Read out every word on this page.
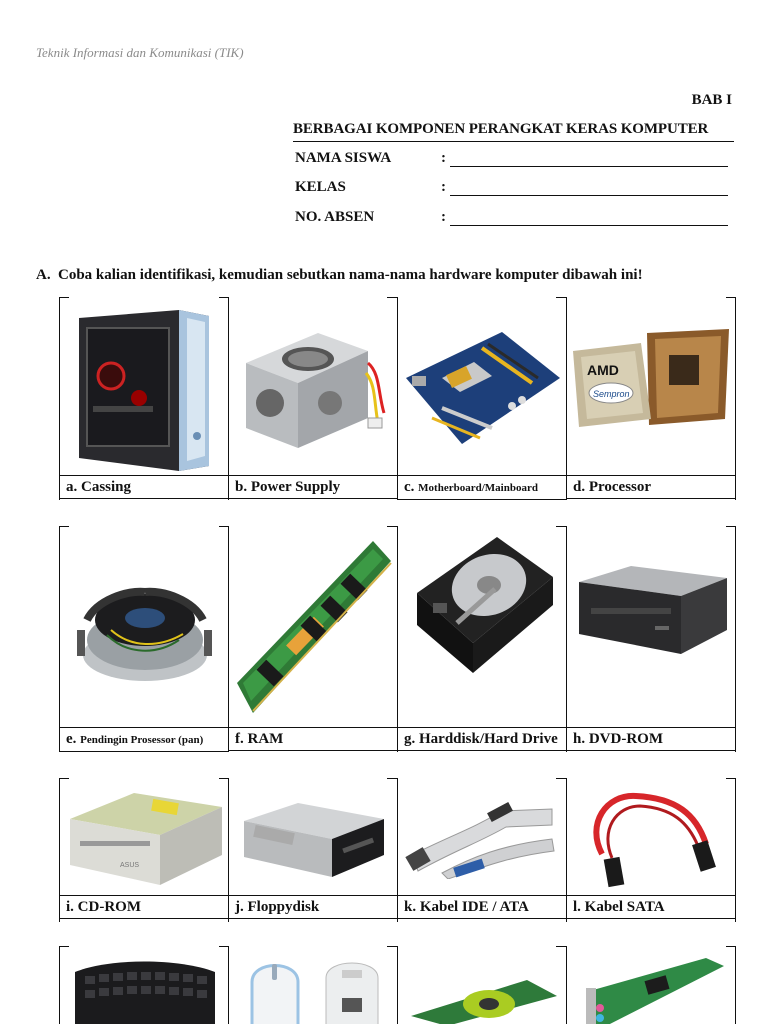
Teknik Informasi dan Komunikasi (TIK)
BAB I
BERBAGAI KOMPONEN PERANGKAT KERAS KOMPUTER
NAMA SISWA	:
KELAS	:
NO. ABSEN	:
A. Coba kalian identifikasi, kemudian sebutkan nama-nama hardware komputer dibawah ini!
a. Cassing	b. Power Supply	c. Motherboard/Mainboard
AMD
Sempron
d. Processor
e. Pendingin Prosessor (pan)	f. RAM	g. Harddisk/Hard Drive	h. DVD-ROM
ASUS
i. CD-ROM	j. Floppydisk	k. Kabel IDE / ATA	l. Kabel SATA
